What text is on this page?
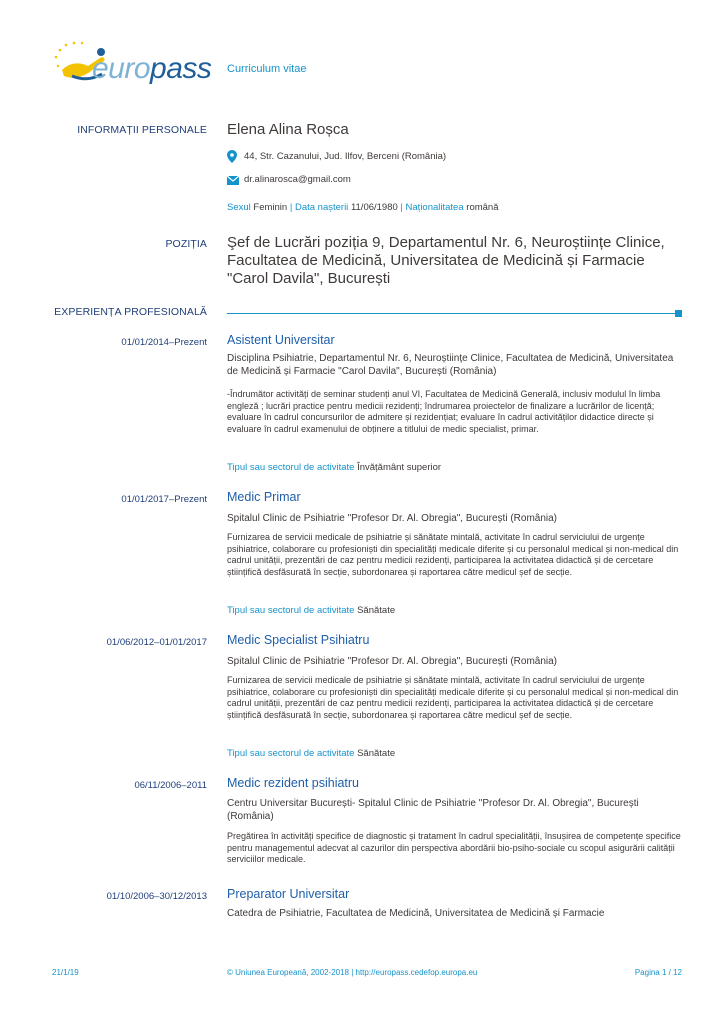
europass Curriculum vitae
INFORMAȚII PERSONALE Elena Alina Roșca
44, Str. Cazanului, Jud. Ilfov, Berceni (România)
dr.alinarosca@gmail.com
Sexul Feminin | Data nașterii 11/06/1980 | Naționalitatea română
POZIȚIA Şef de Lucrări poziția 9, Departamentul Nr. 6, Neuroștiințe Clinice, Facultatea de Medicină, Universitatea de Medicină și Farmacie "Carol Davila", București
EXPERIENȚA PROFESIONALĂ
01/01/2014–Prezent Asistent Universitar
Disciplina Psihiatrie, Departamentul Nr. 6, Neuroștiințe Clinice, Facultatea de Medicină, Universitatea de Medicină și Farmacie "Carol Davila", București (România)
-Îndrumător activități de seminar studenți anul VI, Facultatea de Medicină Generală, inclusiv modulul în limba engleză ; lucrări practice pentru medicii rezidenți; îndrumarea proiectelor de finalizare a lucrărilor de licență; evaluare în cadrul concursurilor de admitere și rezidențiat; evaluare în cadrul activităților didactice directe și evaluare în cadrul examenului de obținere a titlului de medic specialist, primar.
Tipul sau sectorul de activitate Învățământ superior
01/01/2017–Prezent Medic Primar
Spitalul Clinic de Psihiatrie "Profesor Dr. Al. Obregia", București (România)
Furnizarea de servicii medicale de psihiatrie și sănătate mintală, activitate în cadrul serviciului de urgențe psihiatrice, colaborare cu profesioniști din specialități medicale diferite și cu personalul medical și non-medical din cadrul unității, prezentări de caz pentru medicii rezidenți, participarea la activitatea didactică și de cercetare științifică desfăsurată în secție, subordonarea și raportarea către medicul șef de secție.
Tipul sau sectorul de activitate Sănătate
01/06/2012–01/01/2017 Medic Specialist Psihiatru
Spitalul Clinic de Psihiatrie "Profesor Dr. Al. Obregia", București (România)
Furnizarea de servicii medicale de psihiatrie și sănătate mintală, activitate în cadrul serviciului de urgențe psihiatrice, colaborare cu profesioniști din specialități medicale diferite și cu personalul medical și non-medical din cadrul unității, prezentări de caz pentru medicii rezidenți, participarea la activitatea didactică și de cercetare științifică desfăsurată în secție, subordonarea și raportarea către medicul șef de secție.
Tipul sau sectorul de activitate Sănătate
06/11/2006–2011 Medic rezident psihiatru
Centru Universitar București- Spitalul Clinic de Psihiatrie "Profesor Dr. Al. Obregia", București (România)
Pregătirea în activități specifice de diagnostic și tratament în cadrul specialității, însușirea de competențe specifice pentru managementul adecvat al cazurilor din perspectiva abordării bio-psiho-sociale cu scopul asigurării calității serviciilor medicale.
01/10/2006–30/12/2013 Preparator Universitar
Catedra de Psihiatrie, Facultatea de Medicină, Universitatea de Medicină și Farmacie
21/1/19	© Uniunea Europeană, 2002-2018 | http://europass.cedefop.europa.eu	Pagina 1 / 12
